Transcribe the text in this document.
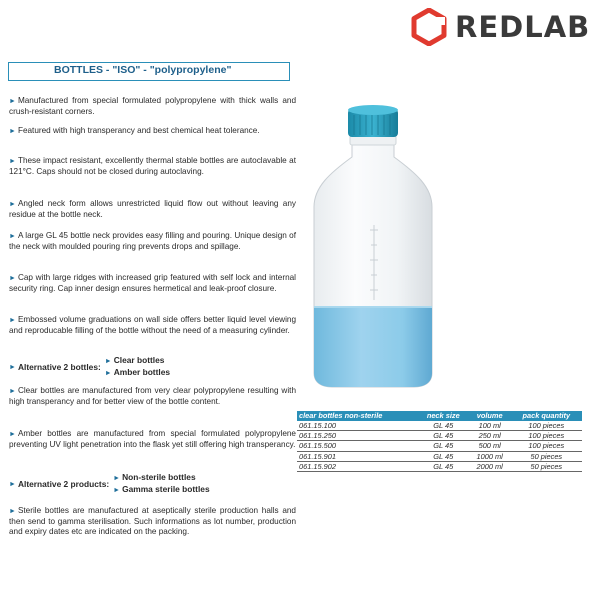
REDLAB
BOTTLES - "ISO" - "polypropylene"

► Manufactured from special formulated polypropylene with thick walls and crush-resistant corners.

► Featured with high transperancy and best chemical heat tolerance.

► These impact resistant, excellently thermal stable bottles are autoclavable at 121°C. Caps should not be closed during autoclaving.

► Angled neck form allows unrestricted liquid flow out without leaving any residue at the bottle neck.

► A large GL 45 bottle neck provides easy filling and pouring. Unique design of the neck with moulded pouring ring prevents drops and spillage.

► Cap with large ridges with increased grip featured with self lock and internal security ring. Cap inner design ensures hermetical and leak-proof closure.

► Embossed volume graduations on wall side offers better liquid level viewing and reproducable filling of the bottle without the need of a measuring cylinder.

► Clear bottles are manufactured from very clear polypropylene resulting with high transperancy and for better view of the bottle content.

► Amber bottles are manufactured from special formulated polypropylene preventing UV light penetration into the flask yet still offering high transperancy.

► Sterile bottles are manufactured at aseptically sterile production halls and then send to gamma sterilisation. Such informations as lot number, production and expiry dates etc are indicated on the packing.

► Alternative 2 bottles:
► Clear bottles
► Amber bottles
► Alternative 2 products:
► Non-sterile bottles
► Gamma sterile bottles
clear bottles non-sterile	neck size	volume	pack quantity
061.15.100	GL 45	100 ml	100 pieces
061.15.250	GL 45	250 ml	100 pieces
061.15.500	GL 45	500 ml	100 pieces
061.15.901	GL 45	1000 ml	50 pieces
061.15.902	GL 45	2000 ml	50 pieces
